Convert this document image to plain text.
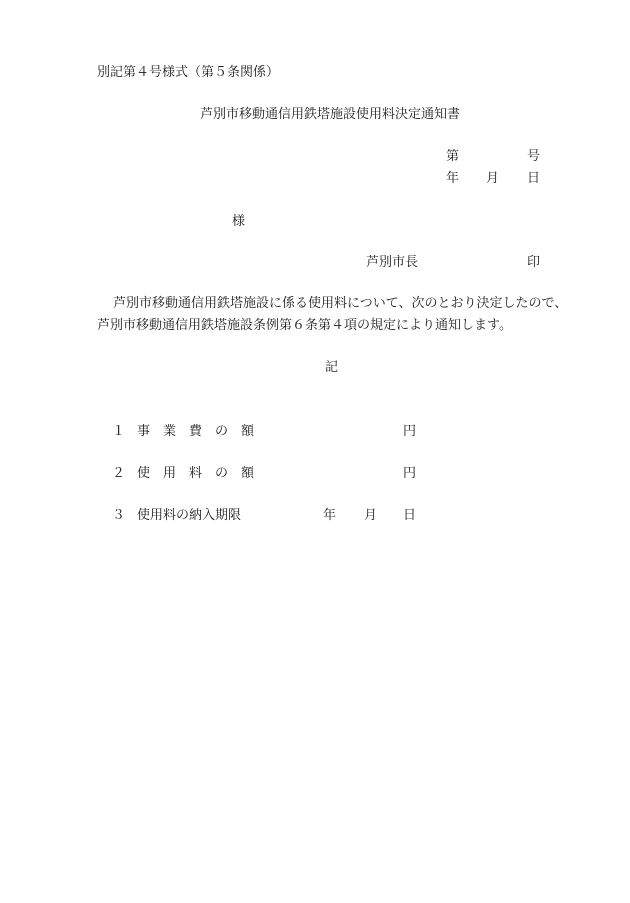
別記第４号様式（第５条関係）
芦別市移動通信用鉄塔施設使用料決定通知書
第	号
年 月 日
様
芦別市長	印
芦別市移動通信用鉄塔施設に係る使用料について、次のとおり決定したので、
芦別市移動通信用鉄塔施設条例第６条第４項の規定により通知します。
記
１ 事　業　費　の　額	円
２ 使　用　料　の　額	円
３ 使用料の納入期限	年 月 日
